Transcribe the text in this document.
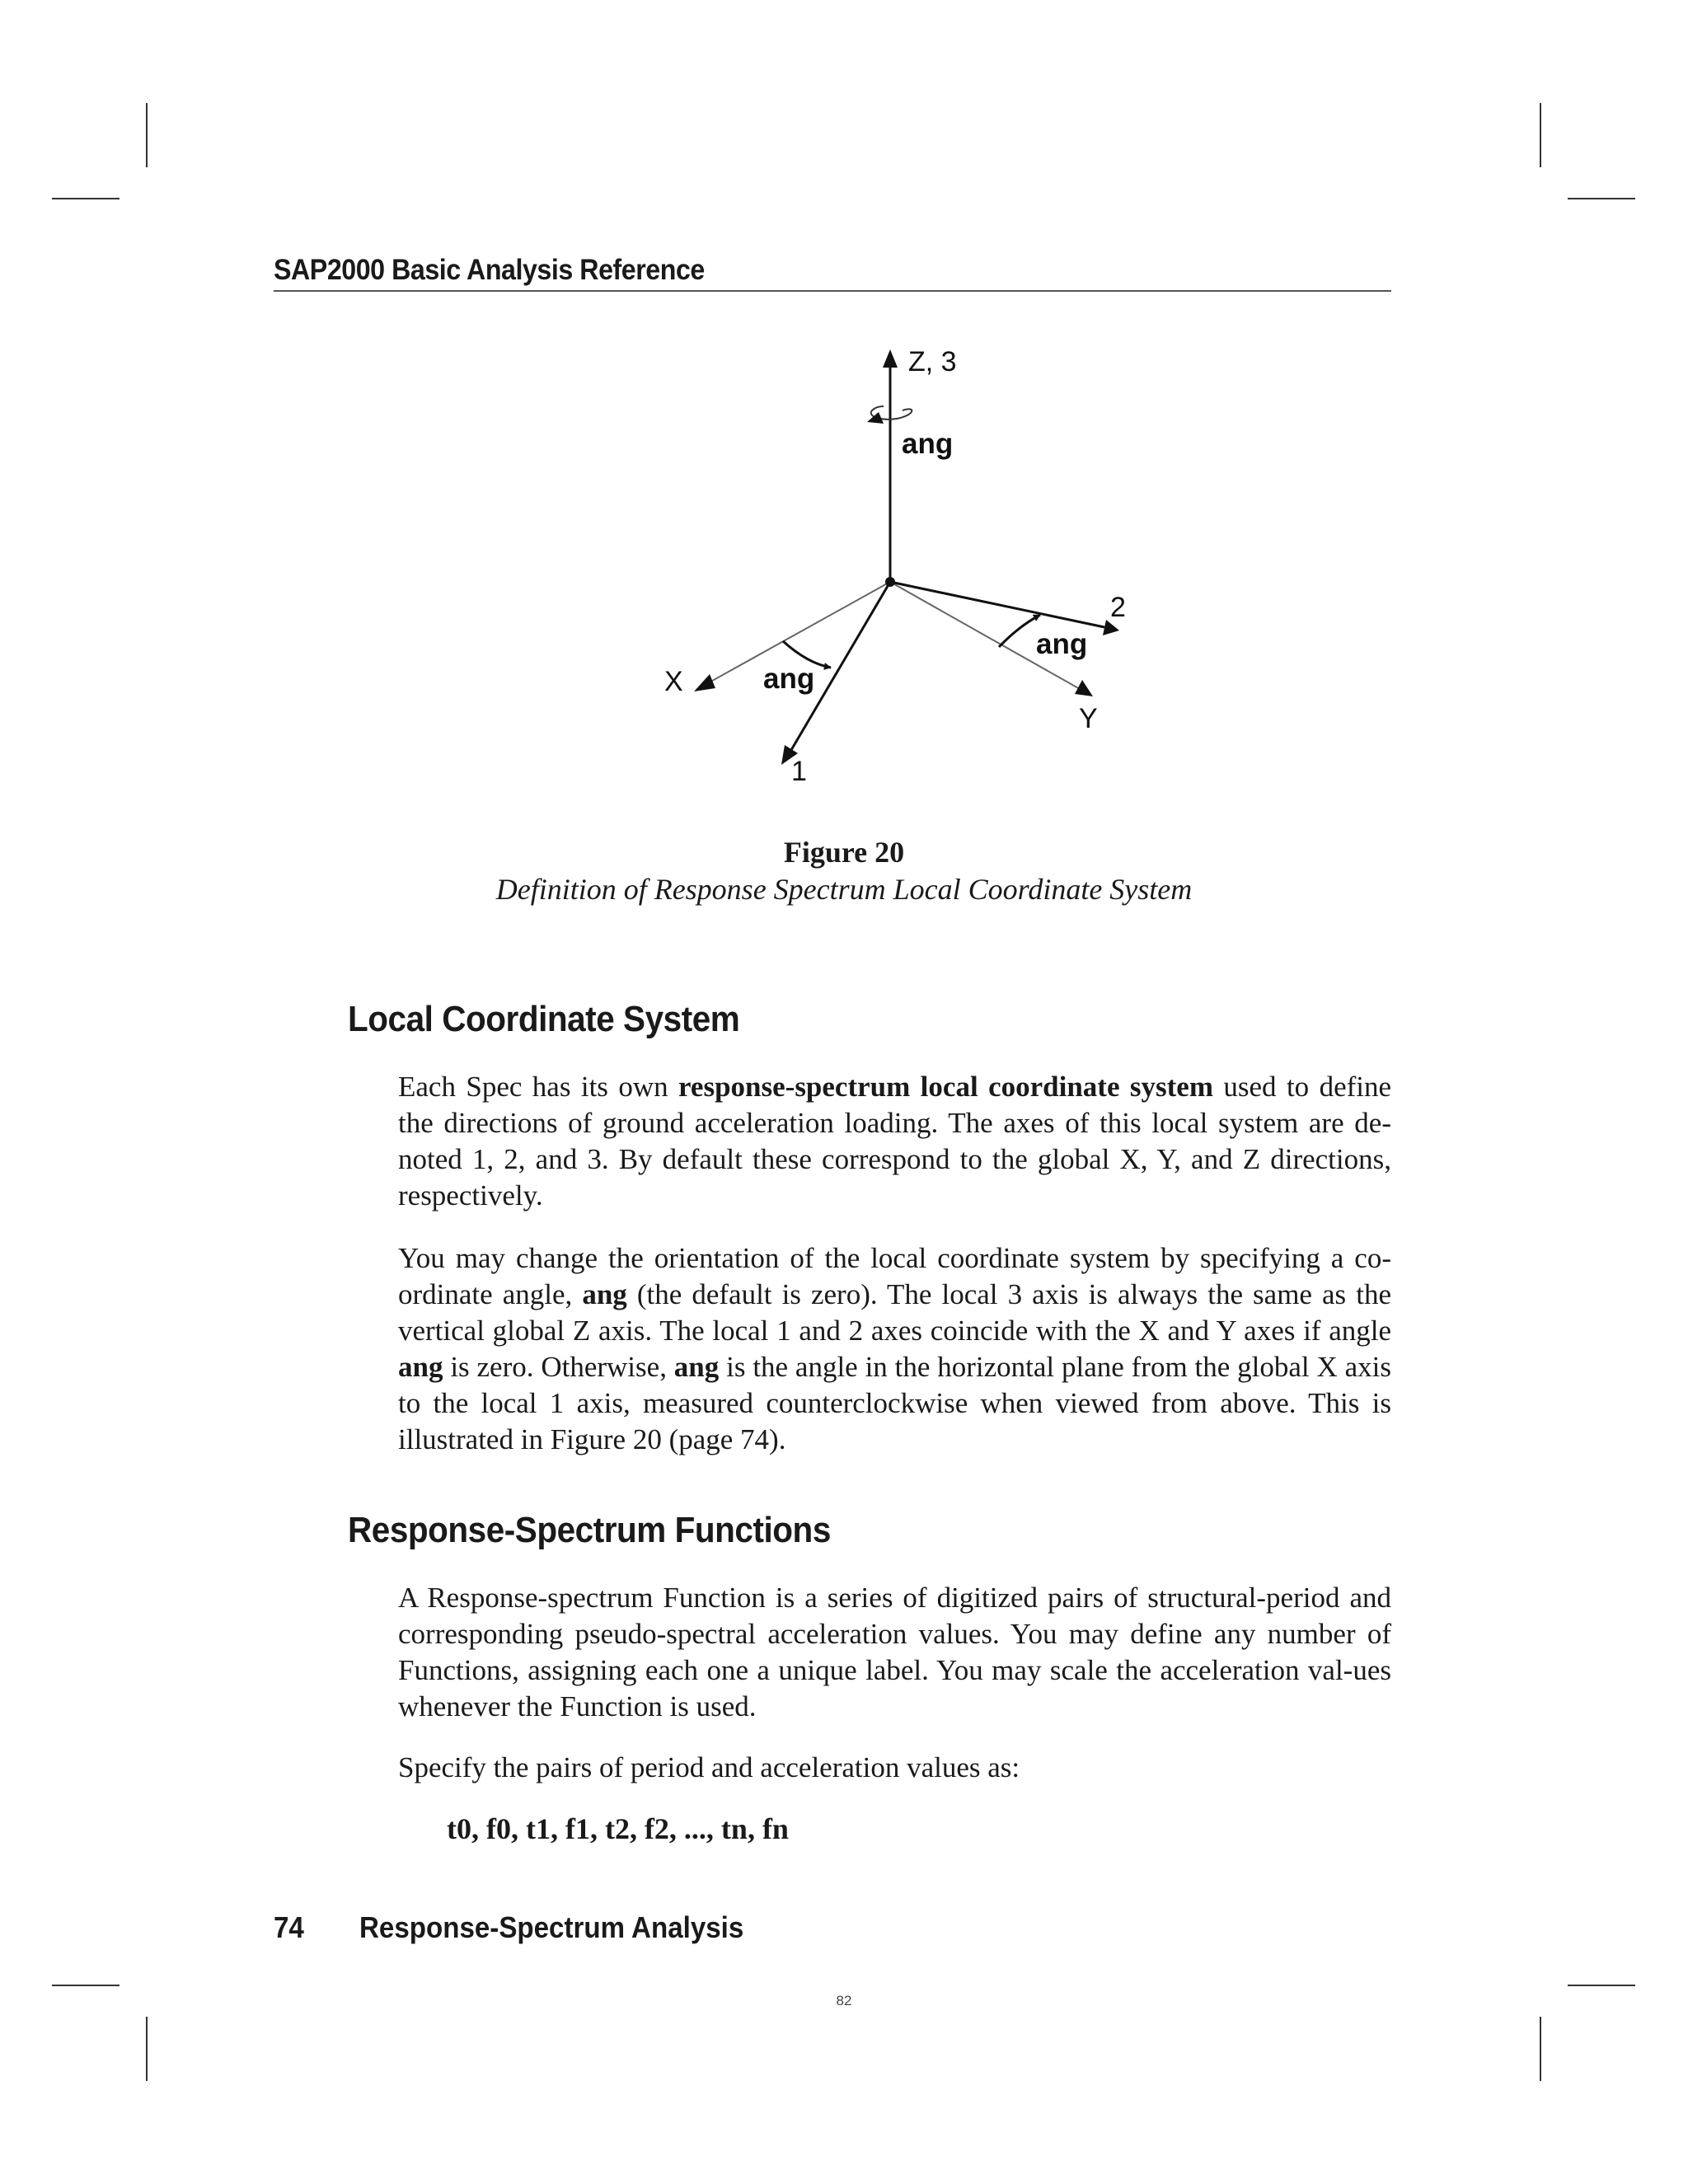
SAP2000 Basic Analysis Reference
Z, 3
ang
2
ang
X	ang
Y
1
Figure 20
Definition of Response Spectrum Local Coordinate System
Local Coordinate System

Each Spec has its own response-spectrum local coordinate system used to define the directions of ground acceleration loading. The axes of this local system are de-noted 1, 2, and 3. By default these correspond to the global X, Y, and Z directions, respectively.

You may change the orientation of the local coordinate system by specifying a co-ordinate angle, ang (the default is zero). The local 3 axis is always the same as the vertical global Z axis. The local 1 and 2 axes coincide with the X and Y axes if angle ang is zero. Otherwise, ang is the angle in the horizontal plane from the global X axis to the local 1 axis, measured counterclockwise when viewed from above. This is illustrated in Figure 20 (page 74).

Response-Spectrum Functions

A Response-spectrum Function is a series of digitized pairs of structural-period and corresponding pseudo-spectral acceleration values. You may define any number of Functions, assigning each one a unique label. You may scale the acceleration val-ues whenever the Function is used.

Specify the pairs of period and acceleration values as:

t0, f0, t1, f1, t2, f2, ..., tn, fn
74 Response-Spectrum Analysis
82
